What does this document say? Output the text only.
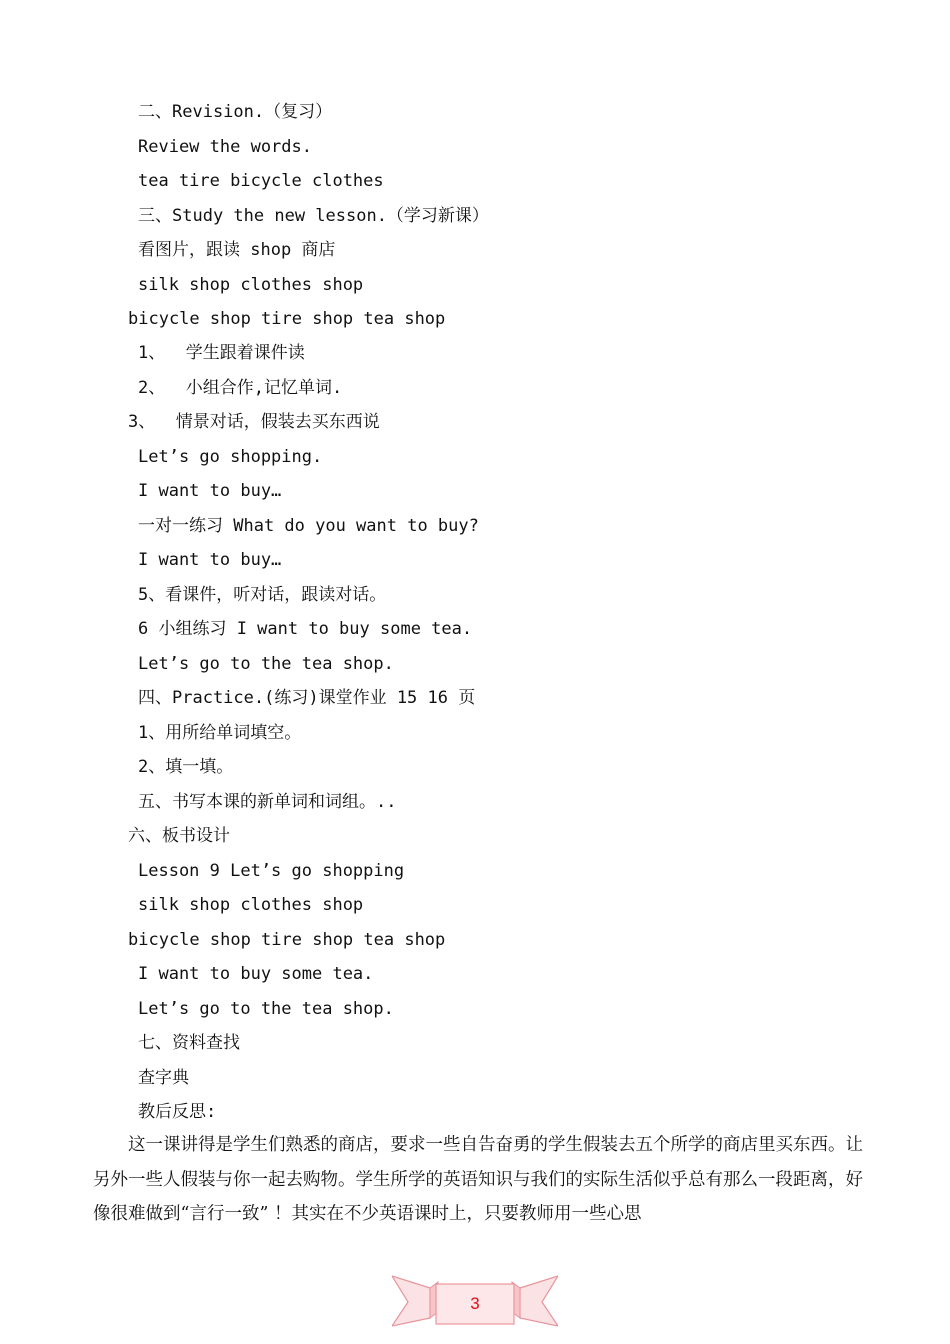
二、Revision.（复习）
Review the words.
tea tire bicycle clothes
三、Study the new lesson.（学习新课）
看图片，跟读 shop 商店
silk shop clothes shop
bicycle shop tire shop tea shop
1、  学生跟着课件读
2、  小组合作,记忆单词.
3、  情景对话，假装去买东西说
Let’s go shopping.
I want to buy…
一对一练习 What do you want to buy?
I want to buy…
5、看课件，听对话，跟读对话。
6 小组练习 I want to buy some tea.
Let’s go to the tea shop.
四、Practice.(练习)课堂作业 15 16 页
1、用所给单词填空。
2、填一填。
五、书写本课的新单词和词组。..
六、板书设计
Lesson 9 Let’s go shopping
silk shop clothes shop
bicycle shop tire shop tea shop
I want to buy some tea.
Let’s go to the tea shop.
七、资料查找
查字典
教后反思:
这一课讲得是学生们熟悉的商店，要求一些自告奋勇的学生假装去五个所学的商店里买东西。让另外一些人假装与你一起去购物。学生所学的英语知识与我们的实际生活似乎总有那么一段距离，好像很难做到“言行一致” ！其实在不少英语课时上，只要教师用一些心思
3
